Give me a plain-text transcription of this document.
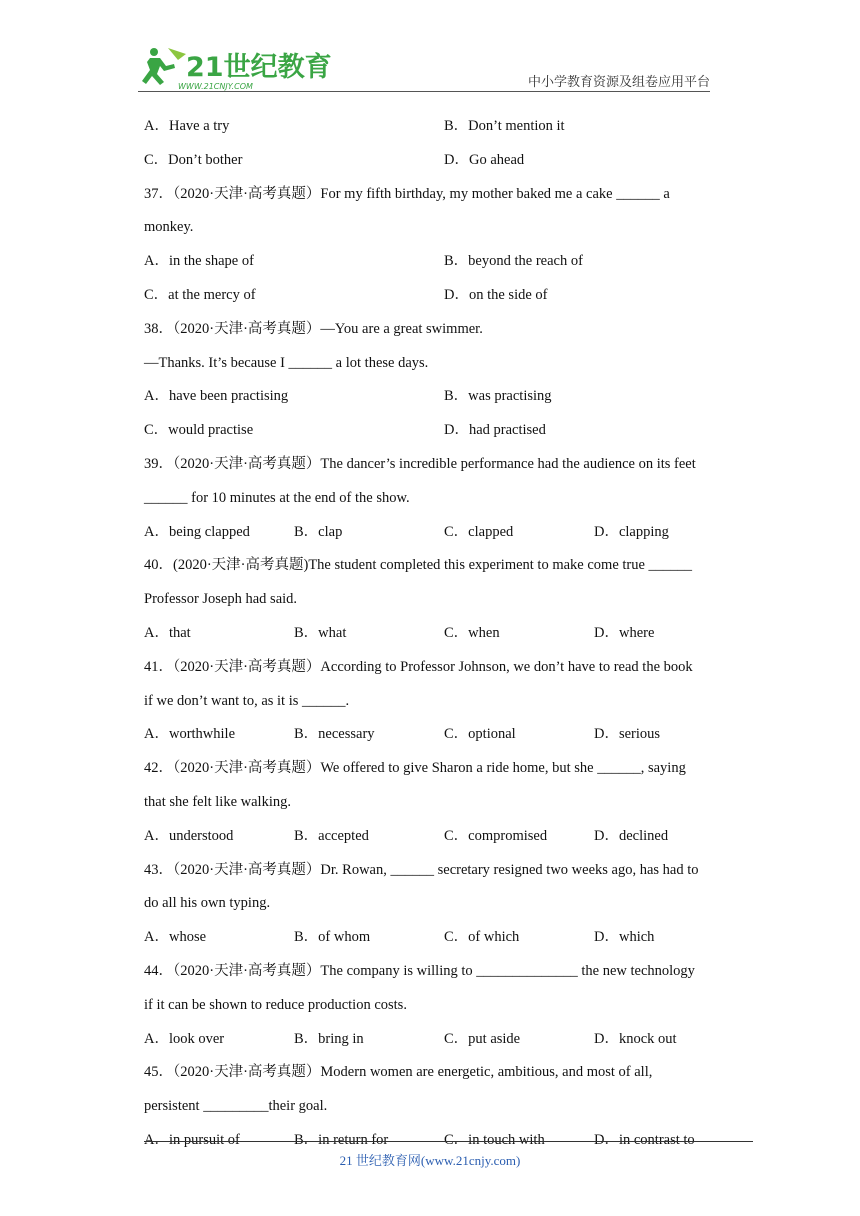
21世纪教育
WWW.21CNJY.COM	中小学教育资源及组卷应用平台
A．Have a try	B．Don’t mention it
C．Don’t bother	D．Go ahead
37．（2020·天津·高考真题）For my fifth birthday, my mother baked me a cake ______ a
monkey.
A．in the shape of	B．beyond the reach of
C．at the mercy of	D．on the side of
38．（2020·天津·高考真题）—You are a great swimmer.
—Thanks. It’s because I ______ a lot these days.
A．have been practising	B．was practising
C．would practise	D．had practised
39．（2020·天津·高考真题）The dancer’s incredible performance had the audience on its feet
______ for 10 minutes at the end of the show.
A．being clapped	B．clap	C．clapped	D．clapping
40．(2020·天津·高考真题)The student completed this experiment to make come true ______
Professor Joseph had said.
A．that	B．what	C．when	D．where
41．（2020·天津·高考真题）According to Professor Johnson, we don’t have to read the book
if we don’t want to, as it is ______.
A．worthwhile	B．necessary	C．optional	D．serious
42．（2020·天津·高考真题）We offered to give Sharon a ride home, but she ______, saying
that she felt like walking.
A．understood	B．accepted	C．compromised	D．declined
43．（2020·天津·高考真题）Dr. Rowan, ______ secretary resigned two weeks ago, has had to
do all his own typing.
A．whose	B．of whom	C．of which	D．which
44．（2020·天津·高考真题）The company is willing to ______________ the new technology
if it can be shown to reduce production costs.
A．look over	B．bring in	C．put aside	D．knock out
45．（2020·天津·高考真题）Modern women are energetic, ambitious, and most of all,
persistent _________their goal.
A．in pursuit of	B．in return for	C．in touch with	D．in contrast to
21 世纪教育网(www.21cnjy.com)
